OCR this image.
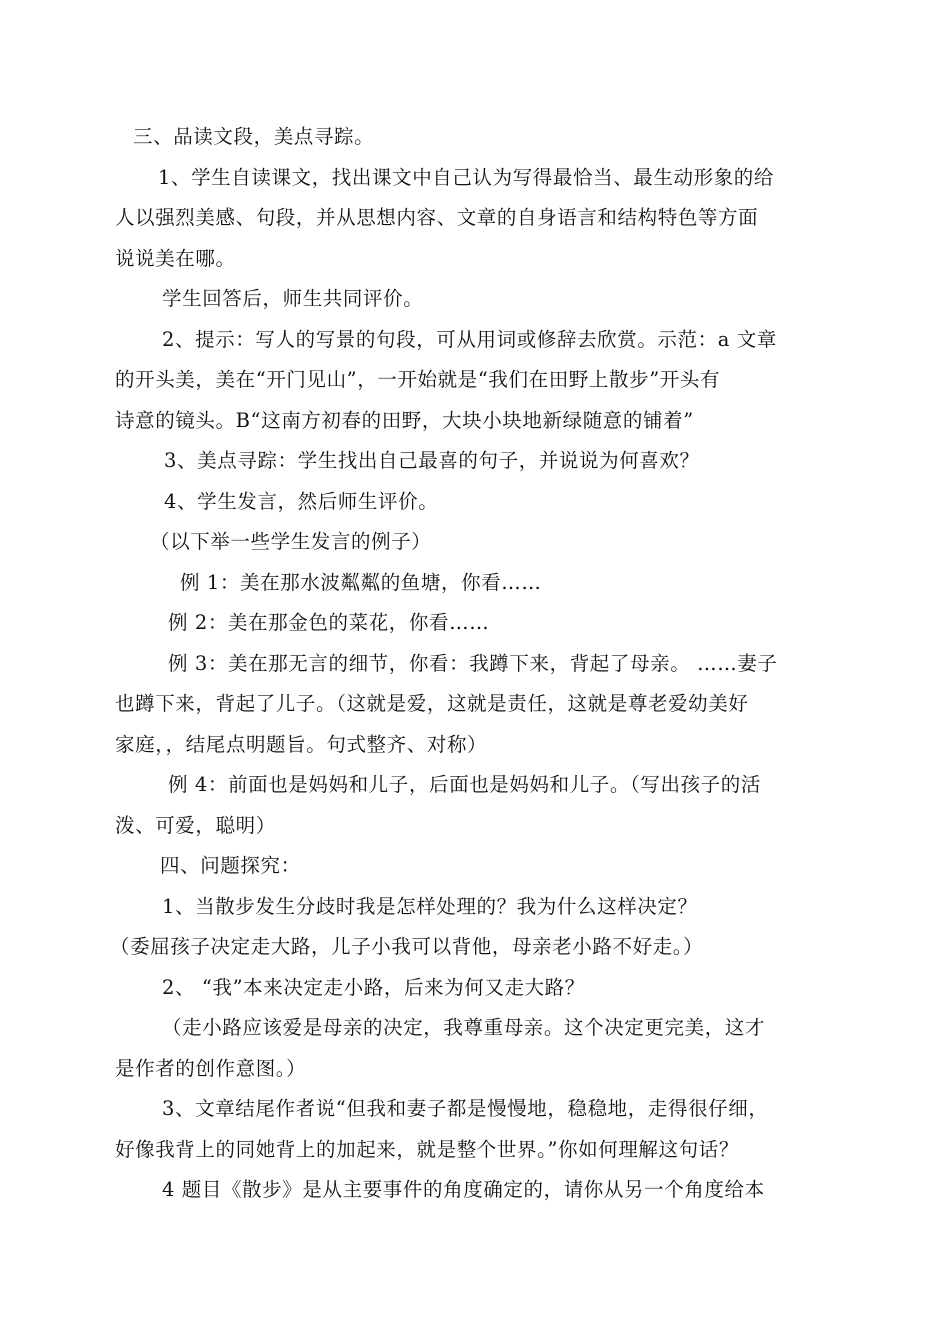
三、品读文段，美点寻踪。
1、学生自读课文，找出课文中自己认为写得最恰当、最生动形象的给
人以强烈美感、句段，并从思想内容、文章的自身语言和结构特色等方面
说说美在哪。
学生回答后，师生共同评价。
2、提示：写人的写景的句段，可从用词或修辞去欣赏。示范：a 文章
的开头美，美在“开门见山”，一开始就是“我们在田野上散步”开头有
诗意的镜头。B“这南方初春的田野，大块小块地新绿随意的铺着”
3、美点寻踪：学生找出自己最喜的句子，并说说为何喜欢？
4、学生发言，然后师生评价。
（以下举一些学生发言的例子）
例 1：美在那水波粼粼的鱼塘，你看……
例 2：美在那金色的菜花，你看……
例 3：美在那无言的细节，你看：我蹲下来，背起了母亲。 ……妻子
也蹲下来，背起了儿子。（这就是爱，这就是责任，这就是尊老爱幼美好
家庭，，结尾点明题旨。句式整齐、对称）
例 4：前面也是妈妈和儿子，后面也是妈妈和儿子。（写出孩子的活
泼、可爱，聪明）
四、问题探究：
1、当散步发生分歧时我是怎样处理的？我为什么这样决定？
（委屈孩子决定走大路，儿子小我可以背他，母亲老小路不好走。）
2、 “我”本来决定走小路，后来为何又走大路？
（走小路应该爱是母亲的决定，我尊重母亲。这个决定更完美，这才
是作者的创作意图。）
3、文章结尾作者说“但我和妻子都是慢慢地，稳稳地，走得很仔细，
好像我背上的同她背上的加起来，就是整个世界。”你如何理解这句话？
4 题目《散步》是从主要事件的角度确定的，请你从另一个角度给本
